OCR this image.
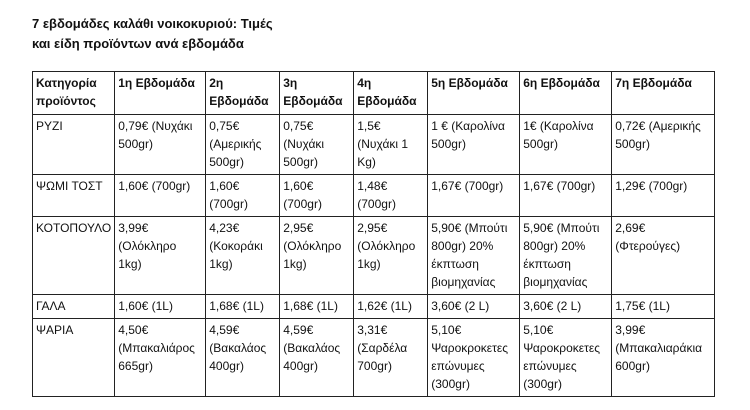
7 εβδομάδες καλάθι νοικοκυριού: Τιμές
και είδη προϊόντων ανά εβδομάδα
Κατηγορία προϊόντος	1η Εβδομάδα	2η Εβδομάδα	3η Εβδομάδα	4η Εβδομάδα	5η Εβδομάδα	6η Εβδομάδα	7η Εβδομάδα
ΡΥΖΙ	0,79€ (Νυχάκι 500gr)	0,75€ (Αμερικής 500gr)	0,75€ (Νυχάκι 500gr)	1,5€ (Νυχάκι 1 Kg)	1 € (Καρολίνα 500gr)	1€ (Καρολίνα 500gr)	0,72€ (Αμερικής 500gr)
ΨΩΜΙ ΤΟΣΤ	1,60€ (700gr)	1,60€ (700gr)	1,60€ (700gr)	1,48€ (700gr)	1,67€ (700gr)	1,67€ (700gr)	1,29€ (700gr)
ΚΟΤΟΠΟΥΛΟ	3,99€ (Ολόκληρο 1kg)	4,23€ (Κοκοράκι 1kg)	2,95€ (Ολόκληρο 1kg)	2,95€ (Ολόκληρο 1kg)	5,90€ (Μπούτι 800gr) 20% έκπτωση βιομηχανίας	5,90€ (Μπούτι 800gr) 20% έκπτωση βιομηχανίας	2,69€ (Φτερούγες)
ΓΑΛΑ	1,60€ (1L)	1,68€ (1L)	1,68€ (1L)	1,62€ (1L)	3,60€ (2 L)	3,60€ (2 L)	1,75€ (1L)
ΨΑΡΙΑ	4,50€ (Μπακαλιάρος 665gr)	4,59€ (Βακαλάος 400gr)	4,59€ (Βακαλάος 400gr)	3,31€ (Σαρδέλα 700gr)	5,10€ Ψαροκροκετες επώνυμες (300gr)	5,10€ Ψαροκροκετες επώνυμες (300gr)	3,99€ (Μπακαλιαράκια 600gr)
